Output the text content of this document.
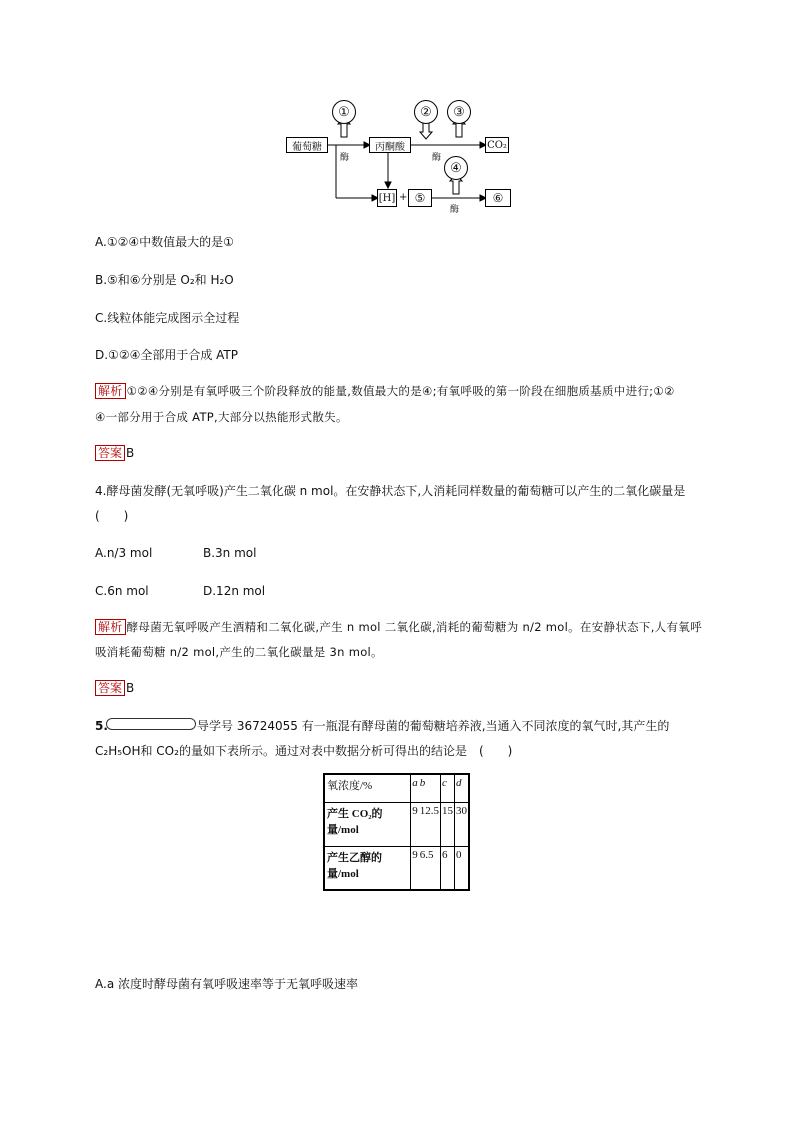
葡萄糖	丙酮酸	CO₂
[H] + ⑤	⑥
①	②	③
④
酶	酶
酶
A.①②④中数值最大的是①
B.⑤和⑥分别是 O₂和 H₂O
C.线粒体能完成图示全过程
D.①②④全部用于合成 ATP
解析 ①②④分别是有氧呼吸三个阶段释放的能量,数值最大的是④;有氧呼吸的第一阶段在细胞质基质中进行;①②
④一部分用于合成 ATP,大部分以热能形式散失。
答案 B
4.酵母菌发酵(无氧呼吸)产生二氧化碳 n mol。在安静状态下,人消耗同样数量的葡萄糖可以产生的二氧化碳量是
(　　)
A.n/3 mol	B.3n mol
C.6n mol	D.12n mol
解析 酵母菌无氧呼吸产生酒精和二氧化碳,产生 n mol 二氧化碳,消耗的葡萄糖为 n/2 mol。在安静状态下,人有氧呼
吸消耗葡萄糖 n/2 mol,产生的二氧化碳量是 3n mol。
答案 B
5.	导学号 36724055 有一瓶混有酵母菌的葡萄糖培养液,当通入不同浓度的氧气时,其产生的
C₂H₅OH和 CO₂的量如下表所示。通过对表中数据分析可得出的结论是　(　　)
氧浓度/%	a	b	c	d
产生 CO₂的量/mol	9	12.5	15	30
产生乙醇的量/mol	9	6.5	6	0
A.a 浓度时酵母菌有氧呼吸速率等于无氧呼吸速率
